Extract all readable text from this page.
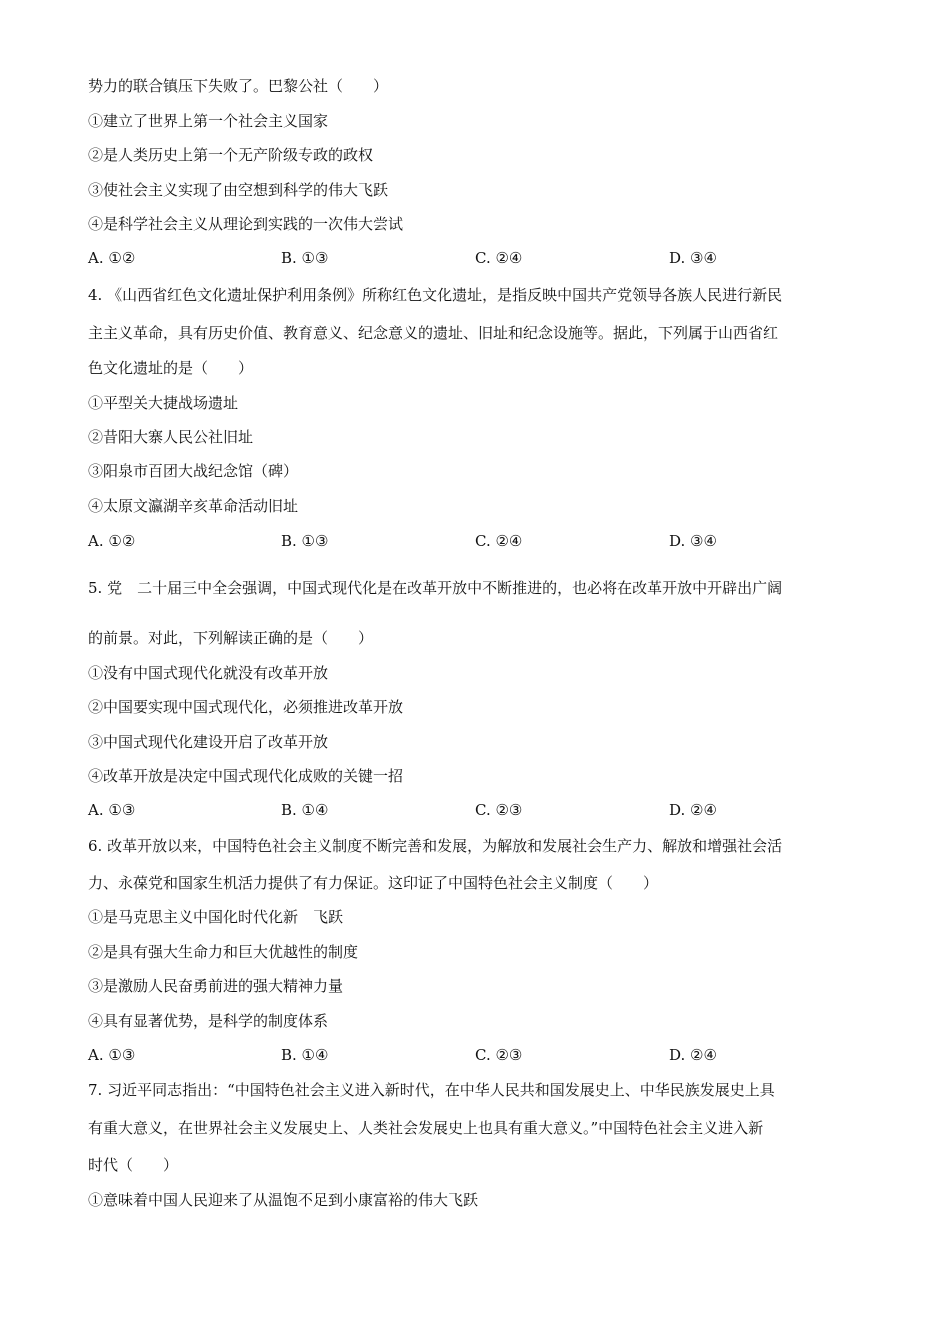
势力的联合镇压下失败了。巴黎公社（　　）
①建立了世界上第一个社会主义国家
②是人类历史上第一个无产阶级专政的政权
③使社会主义实现了由空想到科学的伟大飞跃
④是科学社会主义从理论到实践的一次伟大尝试
A. ①②	B. ①③	C. ②④	D. ③④
4. 《山西省红色文化遗址保护利用条例》所称红色文化遗址，是指反映中国共产党领导各族人民进行新民
主主义革命，具有历史价值、教育意义、纪念意义的遗址、旧址和纪念设施等。据此，下列属于山西省红
色文化遗址的是（　　）
①平型关大捷战场遗址
②昔阳大寨人民公社旧址
③阳泉市百团大战纪念馆（碑）
④太原文瀛湖辛亥革命活动旧址
A. ①②	B. ①③	C. ②④	D. ③④
5. 党　二十届三中全会强调，中国式现代化是在改革开放中不断推进的，也必将在改革开放中开辟出广阔
的前景。对此，下列解读正确的是（　　）
①没有中国式现代化就没有改革开放
②中国要实现中国式现代化，必须推进改革开放
③中国式现代化建设开启了改革开放
④改革开放是决定中国式现代化成败的关键一招
A. ①③	B. ①④	C. ②③	D. ②④
6. 改革开放以来，中国特色社会主义制度不断完善和发展，为解放和发展社会生产力、解放和增强社会活
力、永葆党和国家生机活力提供了有力保证。这印证了中国特色社会主义制度（　　）
①是马克思主义中国化时代化新　飞跃
②是具有强大生命力和巨大优越性的制度
③是激励人民奋勇前进的强大精神力量
④具有显著优势，是科学的制度体系
A. ①③	B. ①④	C. ②③	D. ②④
7. 习近平同志指出：“中国特色社会主义进入新时代，在中华人民共和国发展史上、中华民族发展史上具
有重大意义，在世界社会主义发展史上、人类社会发展史上也具有重大意义。”中国特色社会主义进入新
时代（　　）
①意味着中国人民迎来了从温饱不足到小康富裕的伟大飞跃
